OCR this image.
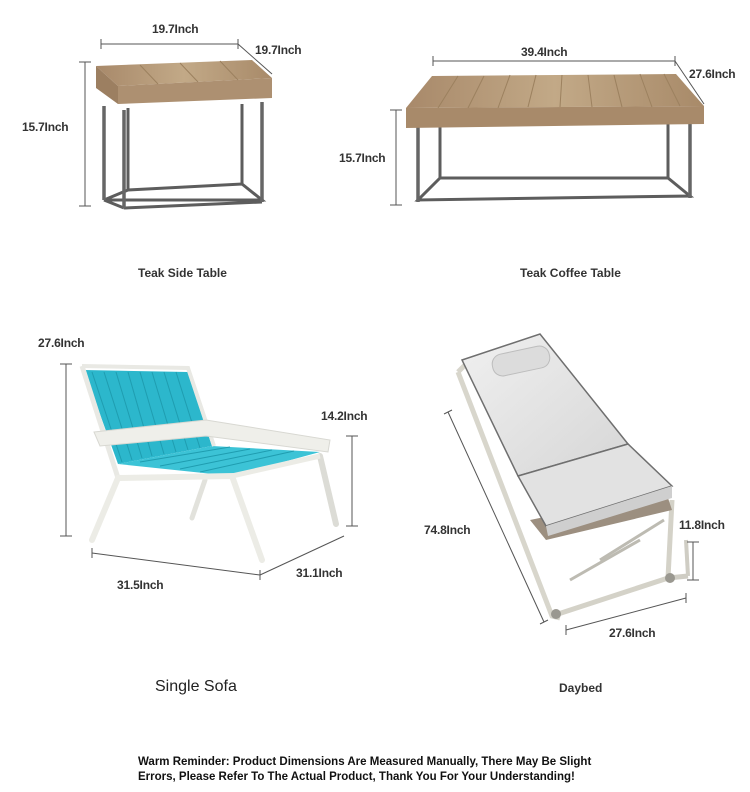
19.7Inch
19.7Inch
15.7Inch
Teak Side Table
39.4Inch
27.6Inch
15.7Inch
Teak Coffee Table
27.6Inch
14.2Inch
31.5Inch
31.1Inch
Single Sofa
74.8Inch	11.8Inch
27.6Inch
Daybed
Warm Reminder: Product Dimensions Are Measured Manually, There May Be Slight Errors, Please Refer To The Actual Product, Thank You For Your Understanding!
